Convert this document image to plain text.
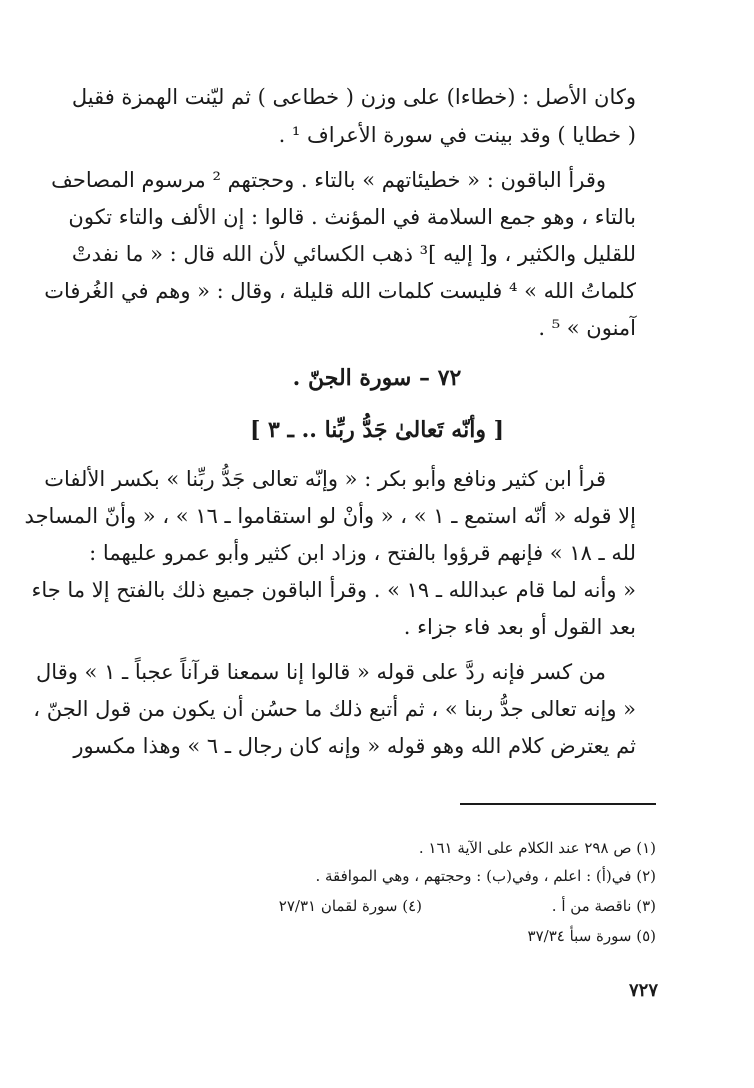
وكان الأصل : (خطاءا) على وزن ( خطاعى ) ثم ليّنت الهمزة فقيل
( خطايا ) وقد بينت في سورة الأعراف ¹ .
وقرأ الباقون : « خطيئاتهم » بالتاء . وحجتهم ² مرسوم المصاحف
بالتاء ، وهو جمع السلامة في المؤنث . قالوا : إن الألف والتاء تكون
للقليل والكثير ، و[ إليه ]³ ذهب الكسائي لأن الله قال : « ما نفدتْ
كلماتُ الله » ⁴ فليست كلمات الله قليلة ، وقال : « وهم في الغُرفات
آمنون » ⁵ .
٧٢ – سورة الجنّ .
[ وأنّه تَعالىٰ جَدُّ ربِّنا .. ـ ٣ ]
قرأ ابن كثير ونافع وأبو بكر : « وإنّه تعالى جَدُّ ربِّنا » بكسر الألفات
إلا قوله « أنّه استمع ـ ١ » ، « وأنْ لو استقاموا ـ ١٦ » ، « وأنّ المساجد
لله ـ ١٨ » فإنهم قرؤوا بالفتح ، وزاد ابن كثير وأبو عمرو عليهما :
« وأنه لما قام عبدالله ـ ١٩ » . وقرأ الباقون جميع ذلك بالفتح إلا ما جاء
بعد القول أو بعد فاء جزاء .
من كسر فإنه ردَّ على قوله « قالوا إنا سمعنا قرآناً عجباً ـ ١ » وقال
« وإنه تعالى جدُّ ربنا » ، ثم أتبع ذلك ما حسُن أن يكون من قول الجنّ ،
ثم يعترض كلام الله وهو قوله « وإنه كان رجال ـ ٦ » وهذا مكسور
(١) ص ٢٩٨ عند الكلام على الآية ١٦١ .
(٢) في(أ) : اعلم ، وفي(ب) : وحجتهم ، وهي الموافقة .
(٣) ناقصة من أ .
(٤) سورة لقمان ٢٧/٣١
(٥) سورة سبأ ٣٧/٣٤
٧٢٧
